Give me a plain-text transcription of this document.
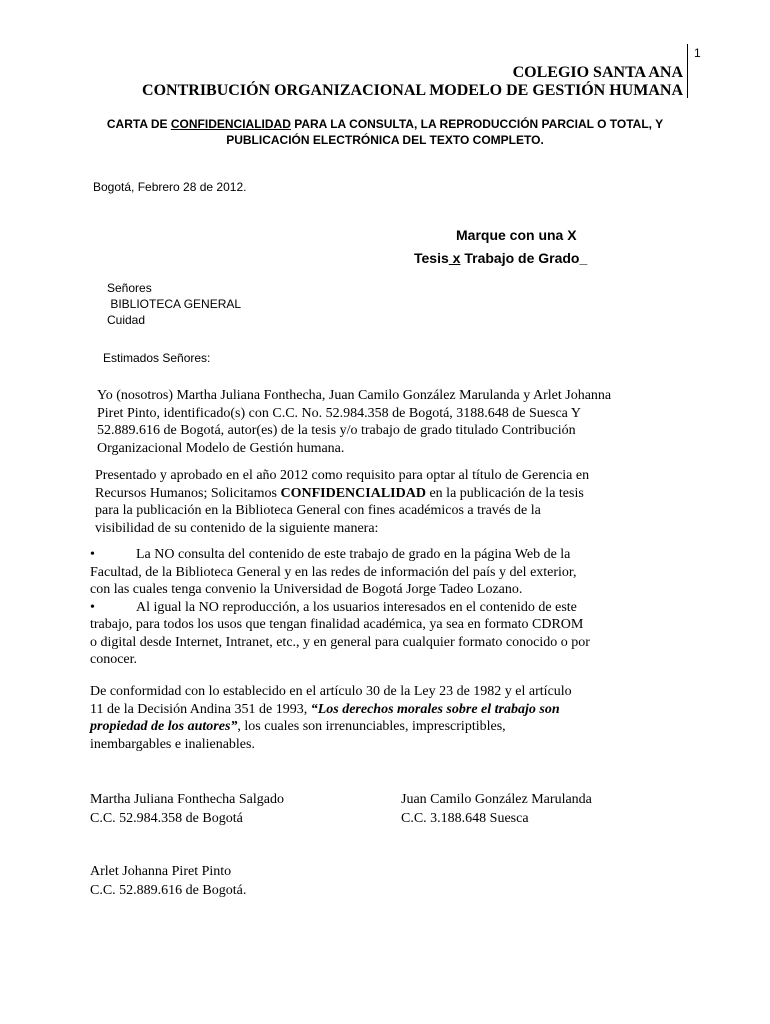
1
COLEGIO SANTA ANA
CONTRIBUCIÓN ORGANIZACIONAL MODELO DE GESTIÓN HUMANA
CARTA DE CONFIDENCIALIDAD PARA LA CONSULTA, LA REPRODUCCIÓN PARCIAL O TOTAL, Y PUBLICACIÓN ELECTRÓNICA DEL TEXTO COMPLETO.
Bogotá, Febrero 28 de 2012.
Marque con una X
Tesis x Trabajo de Grado_
Señores
BIBLIOTECA GENERAL
Cuidad
Estimados Señores:
Yo (nosotros) Martha Juliana Fonthecha, Juan Camilo González Marulanda y Arlet Johanna
Piret Pinto, identificado(s) con C.C. No. 52.984.358 de Bogotá, 3188.648 de Suesca Y
52.889.616 de Bogotá, autor(es) de la tesis y/o trabajo de grado titulado Contribución
Organizacional Modelo de Gestión humana.
Presentado y aprobado en el año 2012 como requisito para optar al título de Gerencia en
Recursos Humanos; Solicitamos CONFIDENCIALIDAD en la publicación de la tesis
para la publicación en la Biblioteca General con fines académicos a través de la
visibilidad de su contenido de la siguiente manera:
•	La NO consulta del contenido de este trabajo de grado en la página Web de la
Facultad, de la Biblioteca General y en las redes de información del país y del exterior,
con las cuales tenga convenio la Universidad de Bogotá Jorge Tadeo Lozano.
•	Al igual la NO reproducción, a los usuarios interesados en el contenido de este
trabajo, para todos los usos que tengan finalidad académica, ya sea en formato CDROM
o digital desde Internet, Intranet, etc., y en general para cualquier formato conocido o por
conocer.
De conformidad con lo establecido en el artículo 30 de la Ley 23 de 1982 y el artículo
11 de la Decisión Andina 351 de 1993, “Los derechos morales sobre el trabajo son
propiedad de los autores”, los cuales son irrenunciables, imprescriptibles,
inembargables e inalienables.
Martha Juliana Fonthecha Salgado
C.C. 52.984.358 de Bogotá
Juan Camilo González Marulanda
C.C. 3.188.648 Suesca
Arlet Johanna Piret Pinto
C.C. 52.889.616 de Bogotá.
